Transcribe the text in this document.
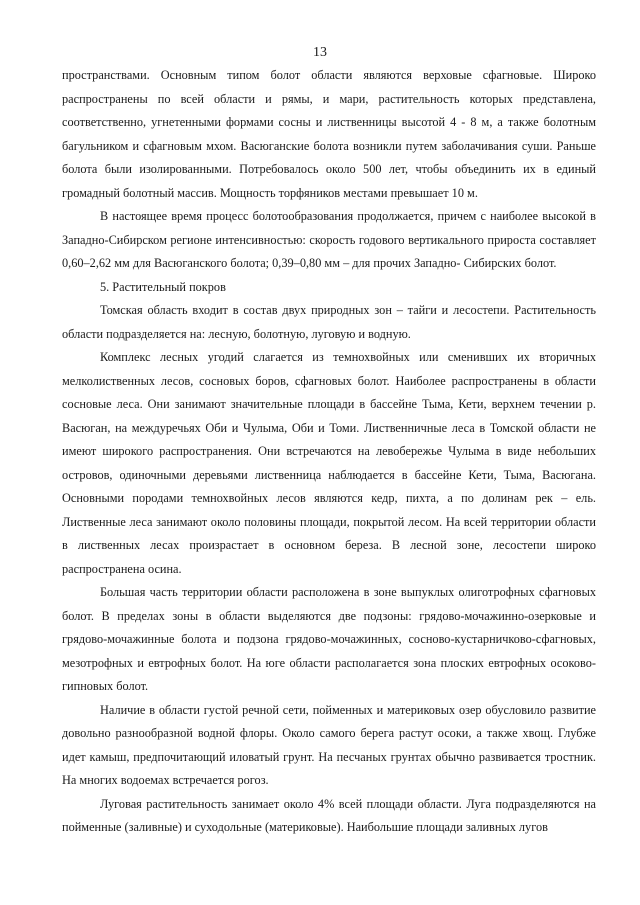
13

пространствами. Основным типом болот области являются верховые сфагновые. Широко распространены по всей области и рямы, и мари, растительность которых представлена, соответственно, угнетенными формами сосны и лиственницы высотой 4 - 8 м, а также болотным багульником и сфагновым мхом. Васюганские болота возникли путем заболачивания суши. Раньше болота были изолированными. Потребовалось около 500 лет, чтобы объединить их в единый громадный болотный массив. Мощность торфяников местами превышает 10 м.

В настоящее время процесс болотообразования продолжается, причем с наиболее высокой в Западно-Сибирском регионе интенсивностью: скорость годового вертикального прироста составляет 0,60–2,62 мм для Васюганского болота; 0,39–0,80 мм – для прочих Западно- Сибирских болот.

5. Растительный покров

Томская область входит в состав двух природных зон – тайги и лесостепи. Растительность области подразделяется на: лесную, болотную, луговую и водную.

Комплекс лесных угодий слагается из темнохвойных или сменивших их вторичных мелколиственных лесов, сосновых боров, сфагновых болот. Наиболее распространены в области сосновые леса. Они занимают значительные площади в бассейне Тыма, Кети, верхнем течении р. Васюган, на междуречьях Оби и Чулыма, Оби и Томи. Лиственничные леса в Томской области не имеют широкого распространения. Они встречаются на левобережье Чулыма в виде небольших островов, одиночными деревьями лиственница наблюдается в бассейне Кети, Тыма, Васюгана. Основными породами темнохвойных лесов являются кедр, пихта, а по долинам рек – ель. Лиственные леса занимают около половины площади, покрытой лесом. На всей территории области в лиственных лесах произрастает в основном береза. В лесной зоне, лесостепи широко распространена осина.

Большая часть территории области расположена в зоне выпуклых олиготрофных сфагновых болот. В пределах зоны в области выделяются две подзоны: грядово-мочажинно-озерковые и грядово-мочажинные болота и подзона грядово-мочажинных, сосново-кустарничково-сфагновых, мезотрофных и евтрофных болот. На юге области располагается зона плоских евтрофных осоково-гипновых болот.

Наличие в области густой речной сети, пойменных и материковых озер обусловило развитие довольно разнообразной водной флоры. Около самого берега растут осоки, а также хвощ. Глубже идет камыш, предпочитающий иловатый грунт. На песчаных грунтах обычно развивается тростник. На многих водоемах встречается рогоз.

Луговая растительность занимает около 4% всей площади области. Луга подразделяются на пойменные (заливные) и суходольные (материковые). Наибольшие площади заливных лугов
